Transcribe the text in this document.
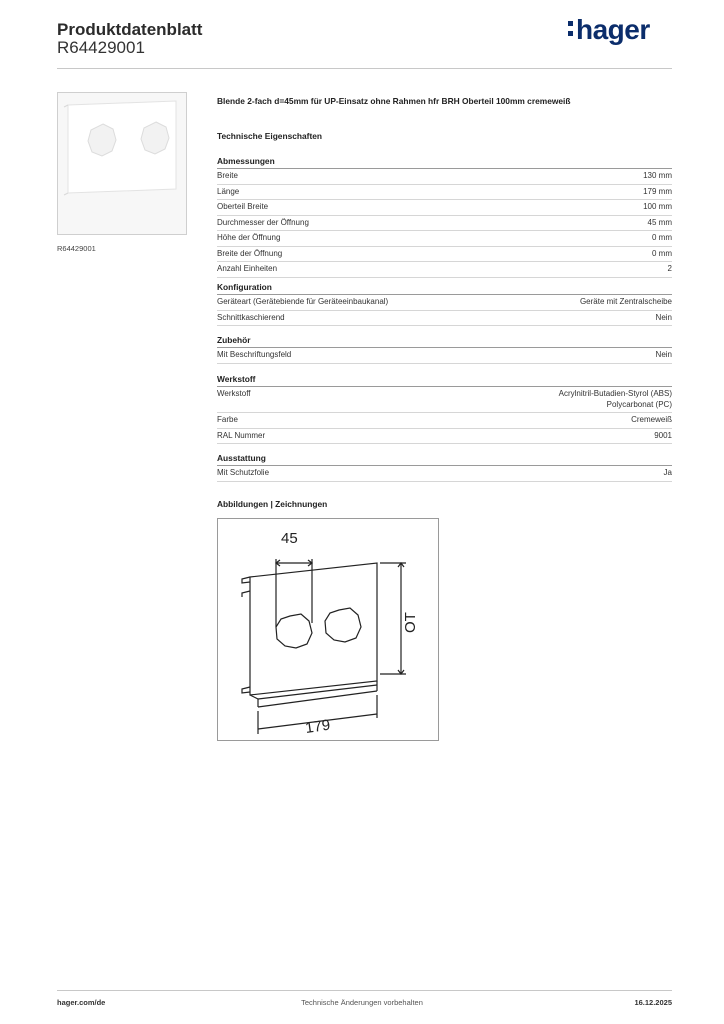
Produktdatenblatt
R64429001
hager
R64429001
Blende 2-fach d=45mm für UP-Einsatz ohne Rahmen hfr BRH Oberteil 100mm cremeweiß
Technische Eigenschaften
Abmessungen
Breite	130 mm
Länge	179 mm
Oberteil Breite	100 mm
Durchmesser der Öffnung	45 mm
Höhe der Öffnung	0 mm
Breite der Öffnung	0 mm
Anzahl Einheiten	2
Konfiguration
Geräteart (Gerätebiende für Geräteeinbaukanal)	Geräte mit Zentralscheibe
Schnittkaschierend	Nein
Zubehör
Mit Beschriftungsfeld	Nein
Werkstoff
Werkstoff	Acrylnitril-Butadien-Styrol (ABS)
Polycarbonat (PC)
Farbe	Cremeweiß
RAL Nummer	9001
Ausstattung
Mit Schutzfolie	Ja
Abbildungen | Zeichnungen
45
OT
179
hager.com/de	Technische Änderungen vorbehalten	16.12.2025
